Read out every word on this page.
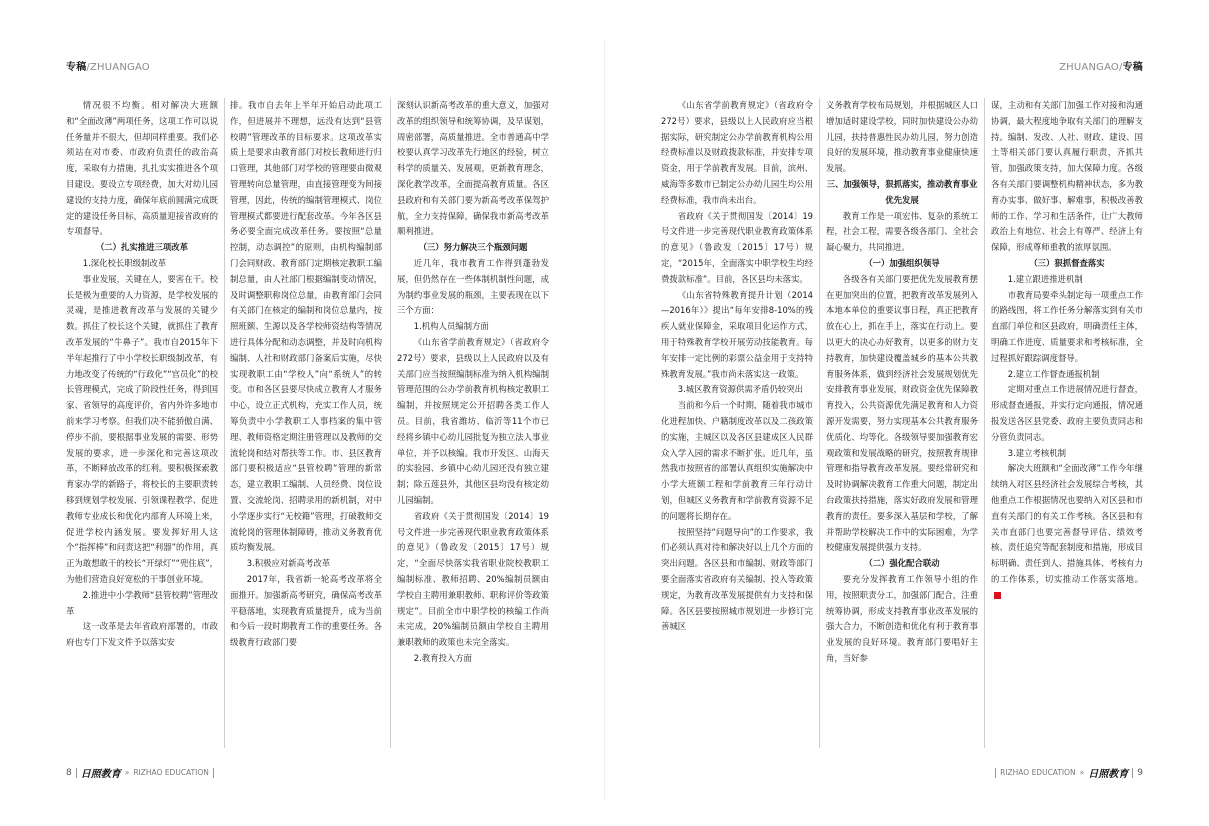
专稿/ZHUANGAO	ZHUANGAO/专稿

情况很不均衡。相对解决大班额和“全面改薄”两项任务，这项工作可以说任务量并不很大，但却同样重要。我们必须站在对市委、市政府负责任的政治高度，采取有力措施，扎扎实实推进各个项目建设。要设立专项经费，加大对幼儿园建设的支持力度，确保年底前圆满完成既定的建设任务目标，高质量迎接省政府的专项督导。

（二）扎实推进三项改革

1.深化校长职级制改革

事业发展，关键在人，要害在干。校长是极为重要的人力资源，是学校发展的灵魂，是推进教育改革与发展的关键少数。抓住了校长这个关键，就抓住了教育改革发展的“牛鼻子”。我市自2015年下半年起推行了中小学校长职级制改革，有力地改变了传统的“行政化”“官员化”的校长管理模式，完成了阶段性任务，得到国家、省领导的高度评价，省内外许多地市前来学习考察。但我们决不能骄傲自满、停步不前，要根据事业发展的需要、形势发展的要求，进一步深化和完善这项改革，不断释放改革的红利。要积极探索教育家办学的新路子，将校长的主要职责转移到规划学校发展、引领课程教学、促进教师专业成长和优化内部育人环境上来，促进学校内涵发展。要发挥好用人这个“指挥棒”和问责这把“利器”的作用，真正为敢想敢干的校长“开绿灯”“兜住底”，为他们营造良好宽松的干事创业环境。

2.推进中小学教师“县管校聘”管理改革

这一改革是去年省政府部署的，市政府也专门下发文件予以落实安

排。我市自去年上半年开始启动此项工作，但进展并不理想，远没有达到“县管校聘”管理改革的目标要求。这项改革实质上是要求由教育部门对校长教师进行归口管理，其他部门对学校的管理要由微观管理转向总量管理，由直接管理变为间接管理，因此，传统的编制管理模式、岗位管理模式都要进行配套改革。今年各区县务必要全面完成改革任务。要按照“总量控制，动态调控”的原则，由机构编制部门会同财政、教育部门定期核定教职工编制总量，由人社部门根据编制变动情况，及时调整职称岗位总量，由教育部门会同有关部门在核定的编制和岗位总量内，按照班额、生源以及各学校师资结构等情况进行具体分配和动态调整，并及时向机构编制、人社和财政部门备案后实施，尽快实现教职工由“学校人”向“系统人”的转变。市和各区县要尽快成立教育人才服务中心，设立正式机构，充实工作人员，统筹负责中小学教职工人事档案的集中管理、教师资格定期注册管理以及教师的交流轮岗和结对帮扶等工作。市、县区教育部门要积极适应“县管校聘”管理的新常态，建立教职工编制、人员经费、岗位设置、交流轮岗、招聘录用的新机制，对中小学逐步实行“无校籍”管理，打破教师交流轮岗的管理体制障碍，推动义务教育优质均衡发展。

3.积极应对新高考改革

2017年，我省新一轮高考改革将全面推开。加强新高考研究，确保高考改革平稳落地，实现教育质量提升，成为当前和今后一段时期教育工作的重要任务。各级教育行政部门要

深刻认识新高考改革的重大意义，加强对改革的组织领导和统筹协调，及早谋划，周密部署，高质量推进。全市普通高中学校要认真学习改革先行地区的经验，树立科学的质量关、发展观，更新教育理念，深化教学改革，全面提高教育质量。各区县政府和有关部门要为新高考改革保驾护航，全力支持保障，确保我市新高考改革顺利推进。

（三）努力解决三个瓶颈问题

近几年，我市教育工作得到蓬勃发展，但仍然存在一些体制机制性问题，成为制约事业发展的瓶颈，主要表现在以下三个方面：

1.机构人员编制方面

《山东省学前教育规定》（省政府令272号）要求，县级以上人民政府以及有关部门应当按照编制标准为纳入机构编制管理范围的公办学前教育机构核定教职工编制，并按照规定公开招聘各类工作人员。目前，我省潍坊、临沂等11个市已经将乡镇中心幼儿园批复为独立法人事业单位，并予以核编。我市开发区、山海天的实验园、乡镇中心幼儿园还没有独立建制；除五莲县外，其他区县均没有核定幼儿园编制。

省政府《关于贯彻国发〔2014〕19号文件进一步完善现代职业教育政策体系的意见》（鲁政发〔2015〕17号）规定，“全面尽快落实我省职业院校教职工编制标准、教师招聘、20%编制员额由学校自主聘用兼职教师、职称评价等政策规定”。目前全市中职学校的核编工作尚未完成，20%编制员额由学校自主聘用兼职教师的政策也未完全落实。

2.教育投入方面

《山东省学前教育规定》（省政府令272号）要求，县级以上人民政府应当根据实际，研究制定公办学前教育机构公用经费标准以及财政拨款标准，并安排专项资金，用于学前教育发展。目前，滨州、威海等多数市已制定公办幼儿园生均公用经费标准，我市尚未出台。

省政府《关于贯彻国发〔2014〕19号文件进一步完善现代职业教育政策体系的意见》（鲁政发〔2015〕17号）规定，“2015年，全面落实中职学校生均经费拨款标准”。目前，各区县均未落实。

《山东省特殊教育提升计划（2014—2016年）》提出“每年安排8-10%的残疾人就业保障金，采取项目化运作方式，用于特殊教育学校开展劳动技能教育。每年安排一定比例的彩票公益金用于支持特殊教育发展。”我市尚未落实这一政策。

3.城区教育资源供需矛盾仍较突出

当前和今后一个时期，随着我市城市化进程加快、户籍制度改革以及二孩政策的实施，主城区以及各区县建成区人民群众入学入园的需求不断扩张。近几年，虽然我市按照省的部署认真组织实施解决中小学大班额工程和学前教育三年行动计划，但城区义务教育和学前教育资源不足的问题将长期存在。

按照坚持“问题导向”的工作要求，我们必须认真对待和解决好以上几个方面的突出问题。各区县和市编制、财政等部门要全面落实省政府有关编制、投入等政策规定，为教育改革发展提供有力支持和保障。各区县要按照城市规划进一步修订完善城区

义务教育学校布局规划，并根据城区人口增加适时建设学校，同时加快建设公办幼儿园，扶持普惠性民办幼儿园，努力创造良好的发展环境，推动教育事业健康快速发展。

三、加强领导，狠抓落实，推动教育事业优先发展

教育工作是一项宏伟、复杂的系统工程，社会工程，需要各级各部门、全社会凝心聚力，共同推进。

（一）加强组织领导

各级各有关部门要把优先发展教育摆在更加突出的位置，把教育改革发展列入本地本单位的重要议事日程，真正把教育放在心上，抓在手上，落实在行动上。要以更大的决心办好教育，以更多的财力支持教育，加快建设覆盖城乡的基本公共教育服务体系，做到经济社会发展规划优先安排教育事业发展，财政资金优先保障教育投入，公共资源优先满足教育和人力资源开发需要，努力实现基本公共教育服务优质化、均等化。各级领导要加强教育宏观政策和发展战略的研究，按照教育规律管理和指导教育改革发展。要经常研究和及时协调解决教育工作重大问题，制定出台政策扶持措施，落实好政府发展和管理教育的责任。要多深入基层和学校，了解并帮助学校解决工作中的实际困难，为学校健康发展提供强力支持。

（二）强化配合联动

要充分发挥教育工作领导小组的作用，按照职责分工，加强部门配合，注重统筹协调，形成支持教育事业改革发展的强大合力，不断创造和优化有利于教育事业发展的良好环境。教育部门要唱好主角，当好参

谋，主动和有关部门加强工作对接和沟通协调，最大程度地争取有关部门的理解支持。编制、发改、人社、财政、建设、国土等相关部门要认真履行职责，齐抓共管，加强政策支持，加大保障力度。各级各有关部门要调整机构精神状态，多为教育办实事、做好事、解难事，积极改善教师的工作、学习和生活条件，让广大教师政治上有地位、社会上有尊严、经济上有保障，形成尊师重教的浓厚氛围。

（三）狠抓督查落实

1.建立跟进推进机制

市教育局要牵头制定每一项重点工作的路线图，将工作任务分解落实到有关市直部门单位和区县政府，明确责任主体，明确工作进度、质量要求和考核标准，全过程抓好跟踪调度督导。

2.建立工作督查通报机制

定期对重点工作进展情况进行督查，形成督查通报，并实行定向通报，情况通报发送各区县党委、政府主要负责同志和分管负责同志。

3.建立考核机制

解决大班额和“全面改薄”工作今年继续纳入对区县经济社会发展综合考核，其他重点工作根据情况也要纳入对区县和市直有关部门的有关工作考核。各区县和有关市直部门也要完善督导评估、绩效考核、责任追究等配套制度和措施，形成目标明确、责任到人、措施具体、考核有力的工作体系，切实推动工作落实落地。

8 日照教育 » RIZHAO EDUCATION	RIZHAO EDUCATION » 日照教育 9
